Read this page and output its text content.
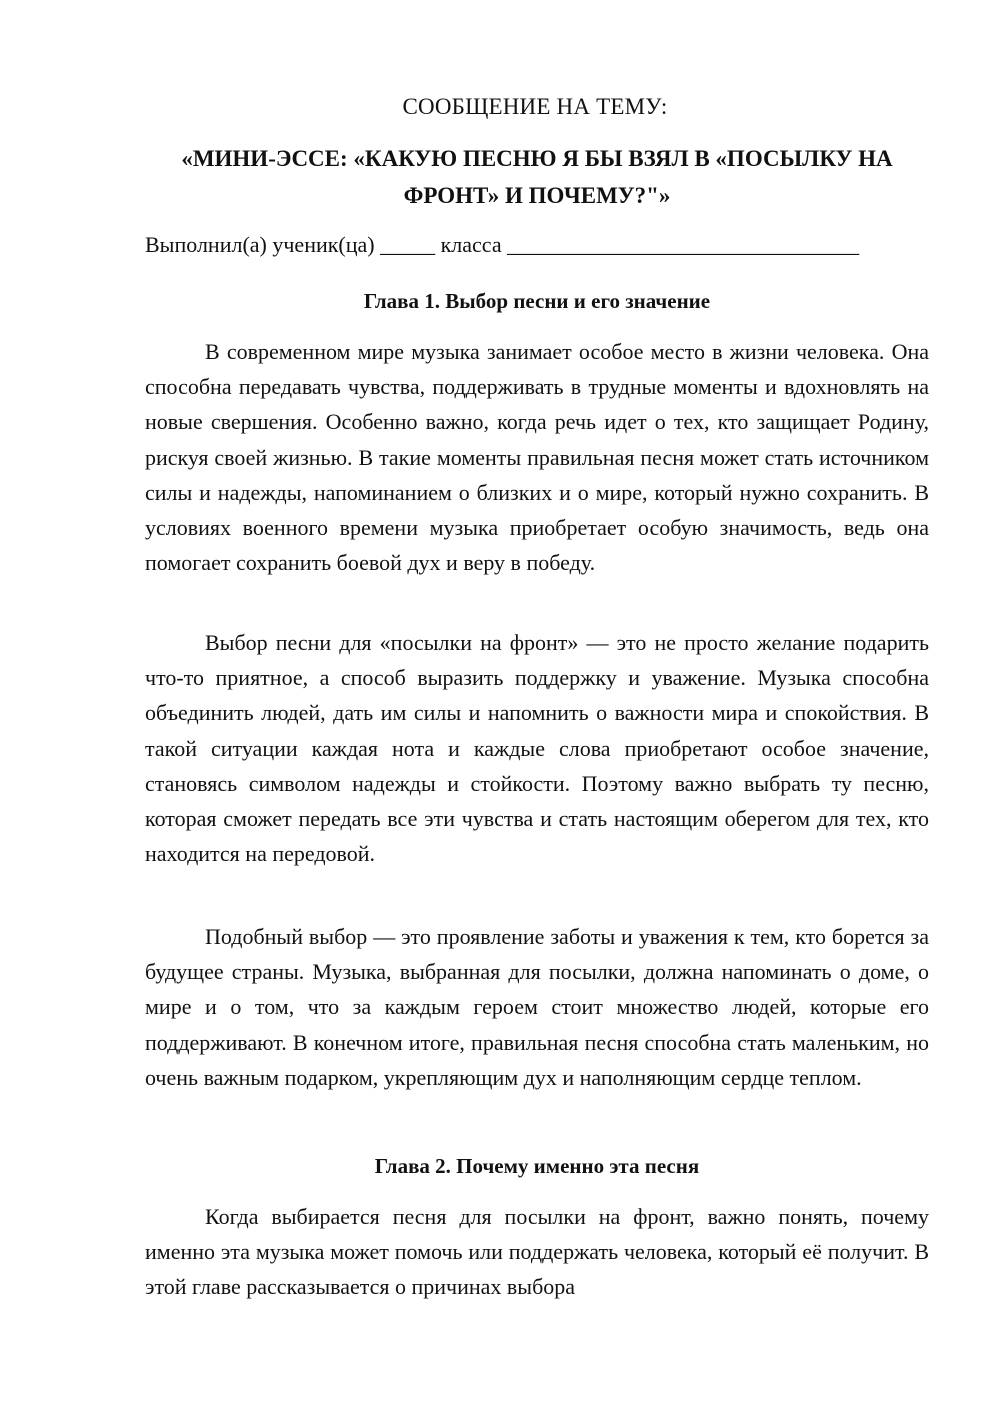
СООБЩЕНИЕ НА ТЕМУ:
«МИНИ-ЭССЕ: «КАКУЮ ПЕСНЮ Я БЫ ВЗЯЛ В «ПОСЫЛКУ НА
ФРОНТ» И ПОЧЕМУ?"»
Выполнил(а) ученик(ца) _____ класса ________________________________
Глава 1. Выбор песни и его значение

В современном мире музыка занимает особое место в жизни человека. Она способна передавать чувства, поддерживать в трудные моменты и вдохновлять на новые свершения. Особенно важно, когда речь идет о тех, кто защищает Родину, рискуя своей жизнью. В такие моменты правильная песня может стать источником силы и надежды, напоминанием о близких и о мире, который нужно сохранить. В условиях военного времени музыка приобретает особую значимость, ведь она помогает сохранить боевой дух и веру в победу.

Выбор песни для «посылки на фронт» — это не просто желание подарить что-то приятное, а способ выразить поддержку и уважение. Музыка способна объединить людей, дать им силы и напомнить о важности мира и спокойствия. В такой ситуации каждая нота и каждые слова приобретают особое значение, становясь символом надежды и стойкости. Поэтому важно выбрать ту песню, которая сможет передать все эти чувства и стать настоящим оберегом для тех, кто находится на передовой.

Подобный выбор — это проявление заботы и уважения к тем, кто борется за будущее страны. Музыка, выбранная для посылки, должна напоминать о доме, о мире и о том, что за каждым героем стоит множество людей, которые его поддерживают. В конечном итоге, правильная песня способна стать маленьким, но очень важным подарком, укрепляющим дух и наполняющим сердце теплом.

Глава 2. Почему именно эта песня

Когда выбирается песня для посылки на фронт, важно понять, почему именно эта музыка может помочь или поддержать человека, который её получит. В этой главе рассказывается о причинах выбора
